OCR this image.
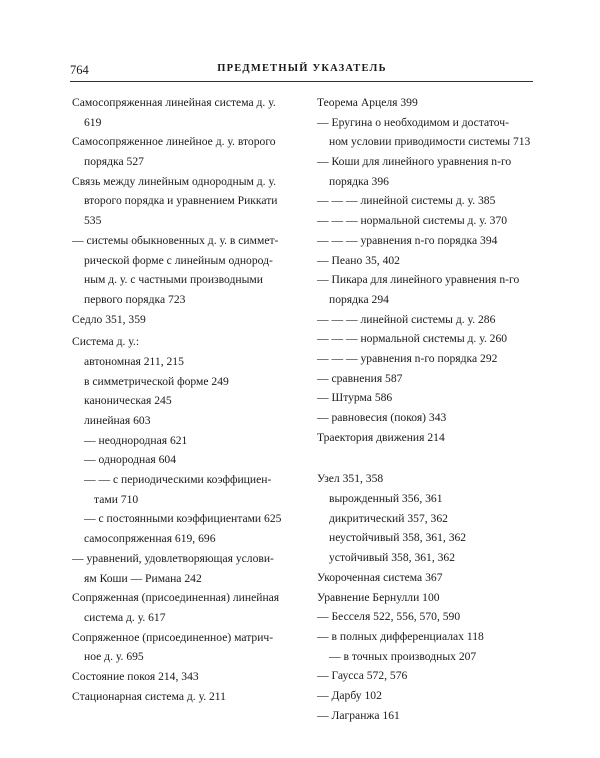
764	ПРЕДМЕТНЫЙ УКАЗАТЕЛЬ
Самосопряженная линейная система д. у.
619
Самосопряженное линейное д. у. второго
порядка 527
Связь между линейным однородным д. у.
второго порядка и уравнением Риккати
535
— системы обыкновенных д. у. в симмет-
рической форме с линейным однород-
ным д. у. с частными производными
первого порядка 723
Седло 351, 359
Система д. у.:
автономная 211, 215
в симметрической форме 249
каноническая 245
линейная 603
— неоднородная 621
— однородная 604
— — с периодическими коэффициен-
тами 710
— с постоянными коэффициентами 625
самосопряженная 619, 696
— уравнений, удовлетворяющая услови-
ям Коши — Римана 242
Сопряженная (присоединенная) линейная
система д. у. 617
Сопряженное (присоединенное) матрич-
ное д. у. 695
Состояние покоя 214, 343
Стационарная система д. у. 211
Теорема Арцеля 399
— Еругина о необходимом и достаточ-
ном условии приводимости системы 713
— Коши для линейного уравнения n-го
порядка 396
— — — линейной системы д. у. 385
— — — нормальной системы д. у. 370
— — — уравнения n-го порядка 394
— Пеано 35, 402
— Пикара для линейного уравнения n-го
порядка 294
— — — линейной системы д. у. 286
— — — нормальной системы д. у. 260
— — — уравнения n-го порядка 292
— сравнения 587
— Штурма 586
— равновесия (покоя) 343
Траектория движения 214
Узел 351, 358
вырожденный 356, 361
дикритический 357, 362
неустойчивый 358, 361, 362
устойчивый 358, 361, 362
Укороченная система 367
Уравнение Бернулли 100
— Бесселя 522, 556, 570, 590
— в полных дифференциалах 118
— в точных производных 207
— Гаусса 572, 576
— Дарбу 102
— Лагранжа 161
